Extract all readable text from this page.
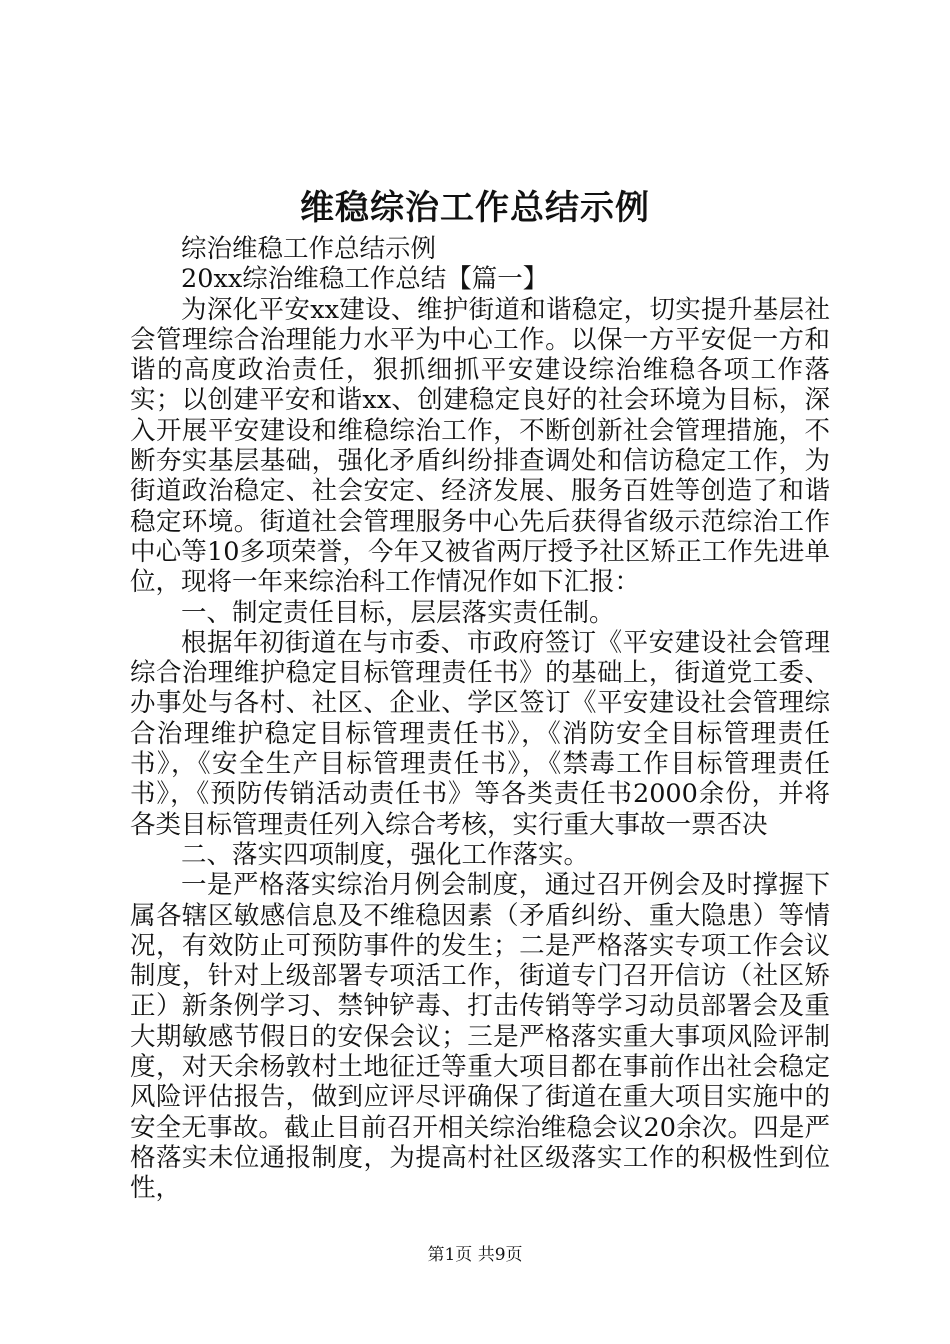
维稳综治工作总结示例

综治维稳工作总结示例

20xx综治维稳工作总结【篇一】

为深化平安xx建设、维护街道和谐稳定，切实提升基层社会管理综合治理能力水平为中心工作。以保一方平安促一方和谐的高度政治责任，狠抓细抓平安建设综治维稳各项工作落实；以创建平安和谐xx、创建稳定良好的社会环境为目标，深入开展平安建设和维稳综治工作，不断创新社会管理措施，不断夯实基层基础，强化矛盾纠纷排查调处和信访稳定工作，为街道政治稳定、社会安定、经济发展、服务百姓等创造了和谐稳定环境。街道社会管理服务中心先后获得省级示范综治工作中心等10多项荣誉，今年又被省两厅授予社区矫正工作先进单位，现将一年来综治科工作情况作如下汇报：

一、制定责任目标，层层落实责任制。

根据年初街道在与市委、市政府签订《平安建设社会管理综合治理维护稳定目标管理责任书》的基础上，街道党工委、办事处与各村、社区、企业、学区签订《平安建设社会管理综合治理维护稳定目标管理责任书》，《消防安全目标管理责任书》，《安全生产目标管理责任书》，《禁毒工作目标管理责任书》，《预防传销活动责任书》等各类责任书2000余份，并将各类目标管理责任列入综合考核，实行重大事故一票否决

二、落实四项制度，强化工作落实。

一是严格落实综治月例会制度，通过召开例会及时撑握下属各辖区敏感信息及不维稳因素（矛盾纠纷、重大隐患）等情况，有效防止可预防事件的发生；二是严格落实专项工作会议制度，针对上级部署专项活工作，街道专门召开信访（社区矫正）新条例学习、禁钟铲毒、打击传销等学习动员部署会及重大期敏感节假日的安保会议；三是严格落实重大事项风险评制度，对天余杨敦村土地征迁等重大项目都在事前作出社会稳定风险评估报告，做到应评尽评确保了街道在重大项目实施中的安全无事故。截止目前召开相关综治维稳会议20余次。四是严格落实未位通报制度，为提高村社区级落实工作的积极性到位性，

第1页 共9页
